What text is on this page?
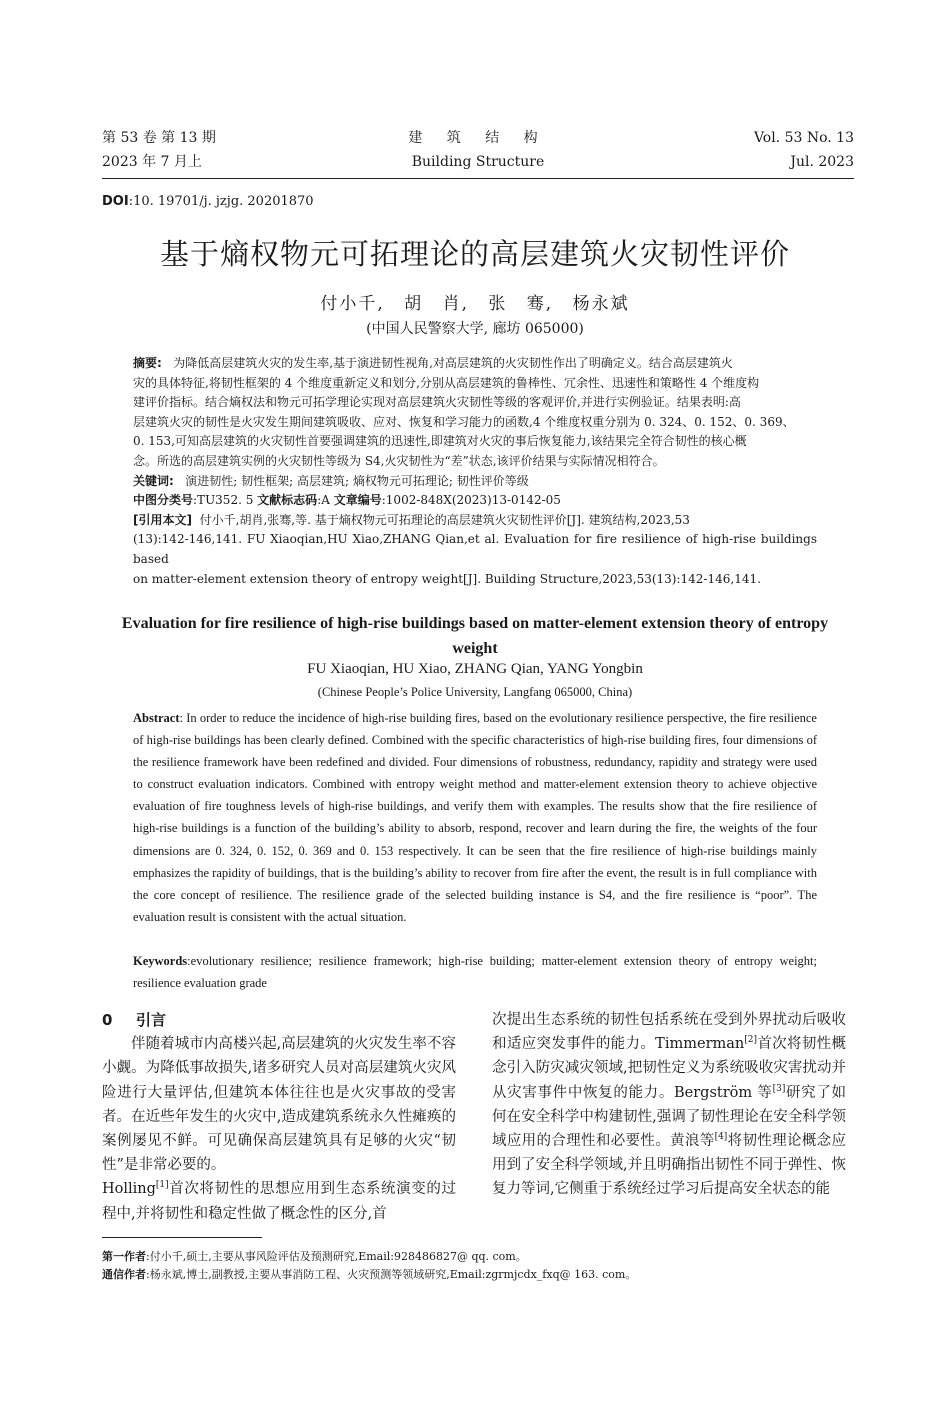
第 53 卷 第 13 期
2023 年 7 月上
建 筑 结 构
Building Structure
Vol. 53 No. 13
Jul. 2023
DOI:10. 19701/j. jzjg. 20201870
基于熵权物元可拓理论的高层建筑火灾韧性评价
付小千, 胡 肖, 张 骞, 杨永斌
(中国人民警察大学, 廊坊 065000)
摘要: 为降低高层建筑火灾的发生率,基于演进韧性视角,对高层建筑的火灾韧性作出了明确定义。结合高层建筑火
灾的具体特征,将韧性框架的 4 个维度重新定义和划分,分别从高层建筑的鲁棒性、冗余性、迅速性和策略性 4 个维度构
建评价指标。结合熵权法和物元可拓学理论实现对高层建筑火灾韧性等级的客观评价,并进行实例验证。结果表明:高
层建筑火灾的韧性是火灾发生期间建筑吸收、应对、恢复和学习能力的函数,4 个维度权重分别为 0. 324、0. 152、0. 369、
0. 153,可知高层建筑的火灾韧性首要强调建筑的迅速性,即建筑对火灾的事后恢复能力,该结果完全符合韧性的核心概
念。所选的高层建筑实例的火灾韧性等级为 S4,火灾韧性为“差”状态,该评价结果与实际情况相符合。
关键词: 演进韧性; 韧性框架; 高层建筑; 熵权物元可拓理论; 韧性评价等级
中图分类号:TU352. 5 文献标志码:A 文章编号:1002-848X(2023)13-0142-05
[引用本文] 付小千,胡肖,张骞,等. 基于熵权物元可拓理论的高层建筑火灾韧性评价[J]. 建筑结构,2023,53
(13):142-146,141. FU Xiaoqian,HU Xiao,ZHANG Qian,et al. Evaluation for fire resilience of high-rise buildings based
on matter-element extension theory of entropy weight[J]. Building Structure,2023,53(13):142-146,141.
Evaluation for fire resilience of high-rise buildings based on matter-element extension theory of entropy weight
FU Xiaoqian, HU Xiao, ZHANG Qian, YANG Yongbin
(Chinese People’s Police University, Langfang 065000, China)
Abstract: In order to reduce the incidence of high-rise building fires, based on the evolutionary resilience perspective, the fire resilience of high-rise buildings has been clearly defined. Combined with the specific characteristics of high-rise building fires, four dimensions of the resilience framework have been redefined and divided. Four dimensions of robustness, redundancy, rapidity and strategy were used to construct evaluation indicators. Combined with entropy weight method and matter-element extension theory to achieve objective evaluation of fire toughness levels of high-rise buildings, and verify them with examples. The results show that the fire resilience of high-rise buildings is a function of the building’s ability to absorb, respond, recover and learn during the fire, the weights of the four dimensions are 0. 324, 0. 152, 0. 369 and 0. 153 respectively. It can be seen that the fire resilience of high-rise buildings mainly emphasizes the rapidity of buildings, that is the building’s ability to recover from fire after the event, the result is in full compliance with the core concept of resilience. The resilience grade of the selected building instance is S4, and the fire resilience is “poor”. The evaluation result is consistent with the actual situation.
Keywords:evolutionary resilience; resilience framework; high-rise building; matter-element extension theory of entropy weight; resilience evaluation grade
0 引言

伴随着城市内高楼兴起,高层建筑的火灾发生率不容小觑。为降低事故损失,诸多研究人员对高层建筑火灾风险进行大量评估,但建筑本体往往也是火灾事故的受害者。在近些年发生的火灾中,造成建筑系统永久性瘫痪的案例屡见不鲜。可见确保高层建筑具有足够的火灾“韧性”是非常必要的。

Holling[1]首次将韧性的思想应用到生态系统演变的过程中,并将韧性和稳定性做了概念性的区分,首

次提出生态系统的韧性包括系统在受到外界扰动后吸收和适应突发事件的能力。Timmerman[2]首次将韧性概念引入防灾减灾领域,把韧性定义为系统吸收灾害扰动并从灾害事件中恢复的能力。Bergström 等[3]研究了如何在安全科学中构建韧性,强调了韧性理论在安全科学领域应用的合理性和必要性。黄浪等[4]将韧性理论概念应用到了安全科学领域,并且明确指出韧性不同于弹性、恢复力等词,它侧重于系统经过学习后提高安全状态的能

第一作者:付小千,硕士,主要从事风险评估及预测研究,Email:928486827@ qq. com。
通信作者:杨永斌,博士,副教授,主要从事消防工程、火灾预测等领域研究,Email:zgrmjcdx_fxq@ 163. com。
